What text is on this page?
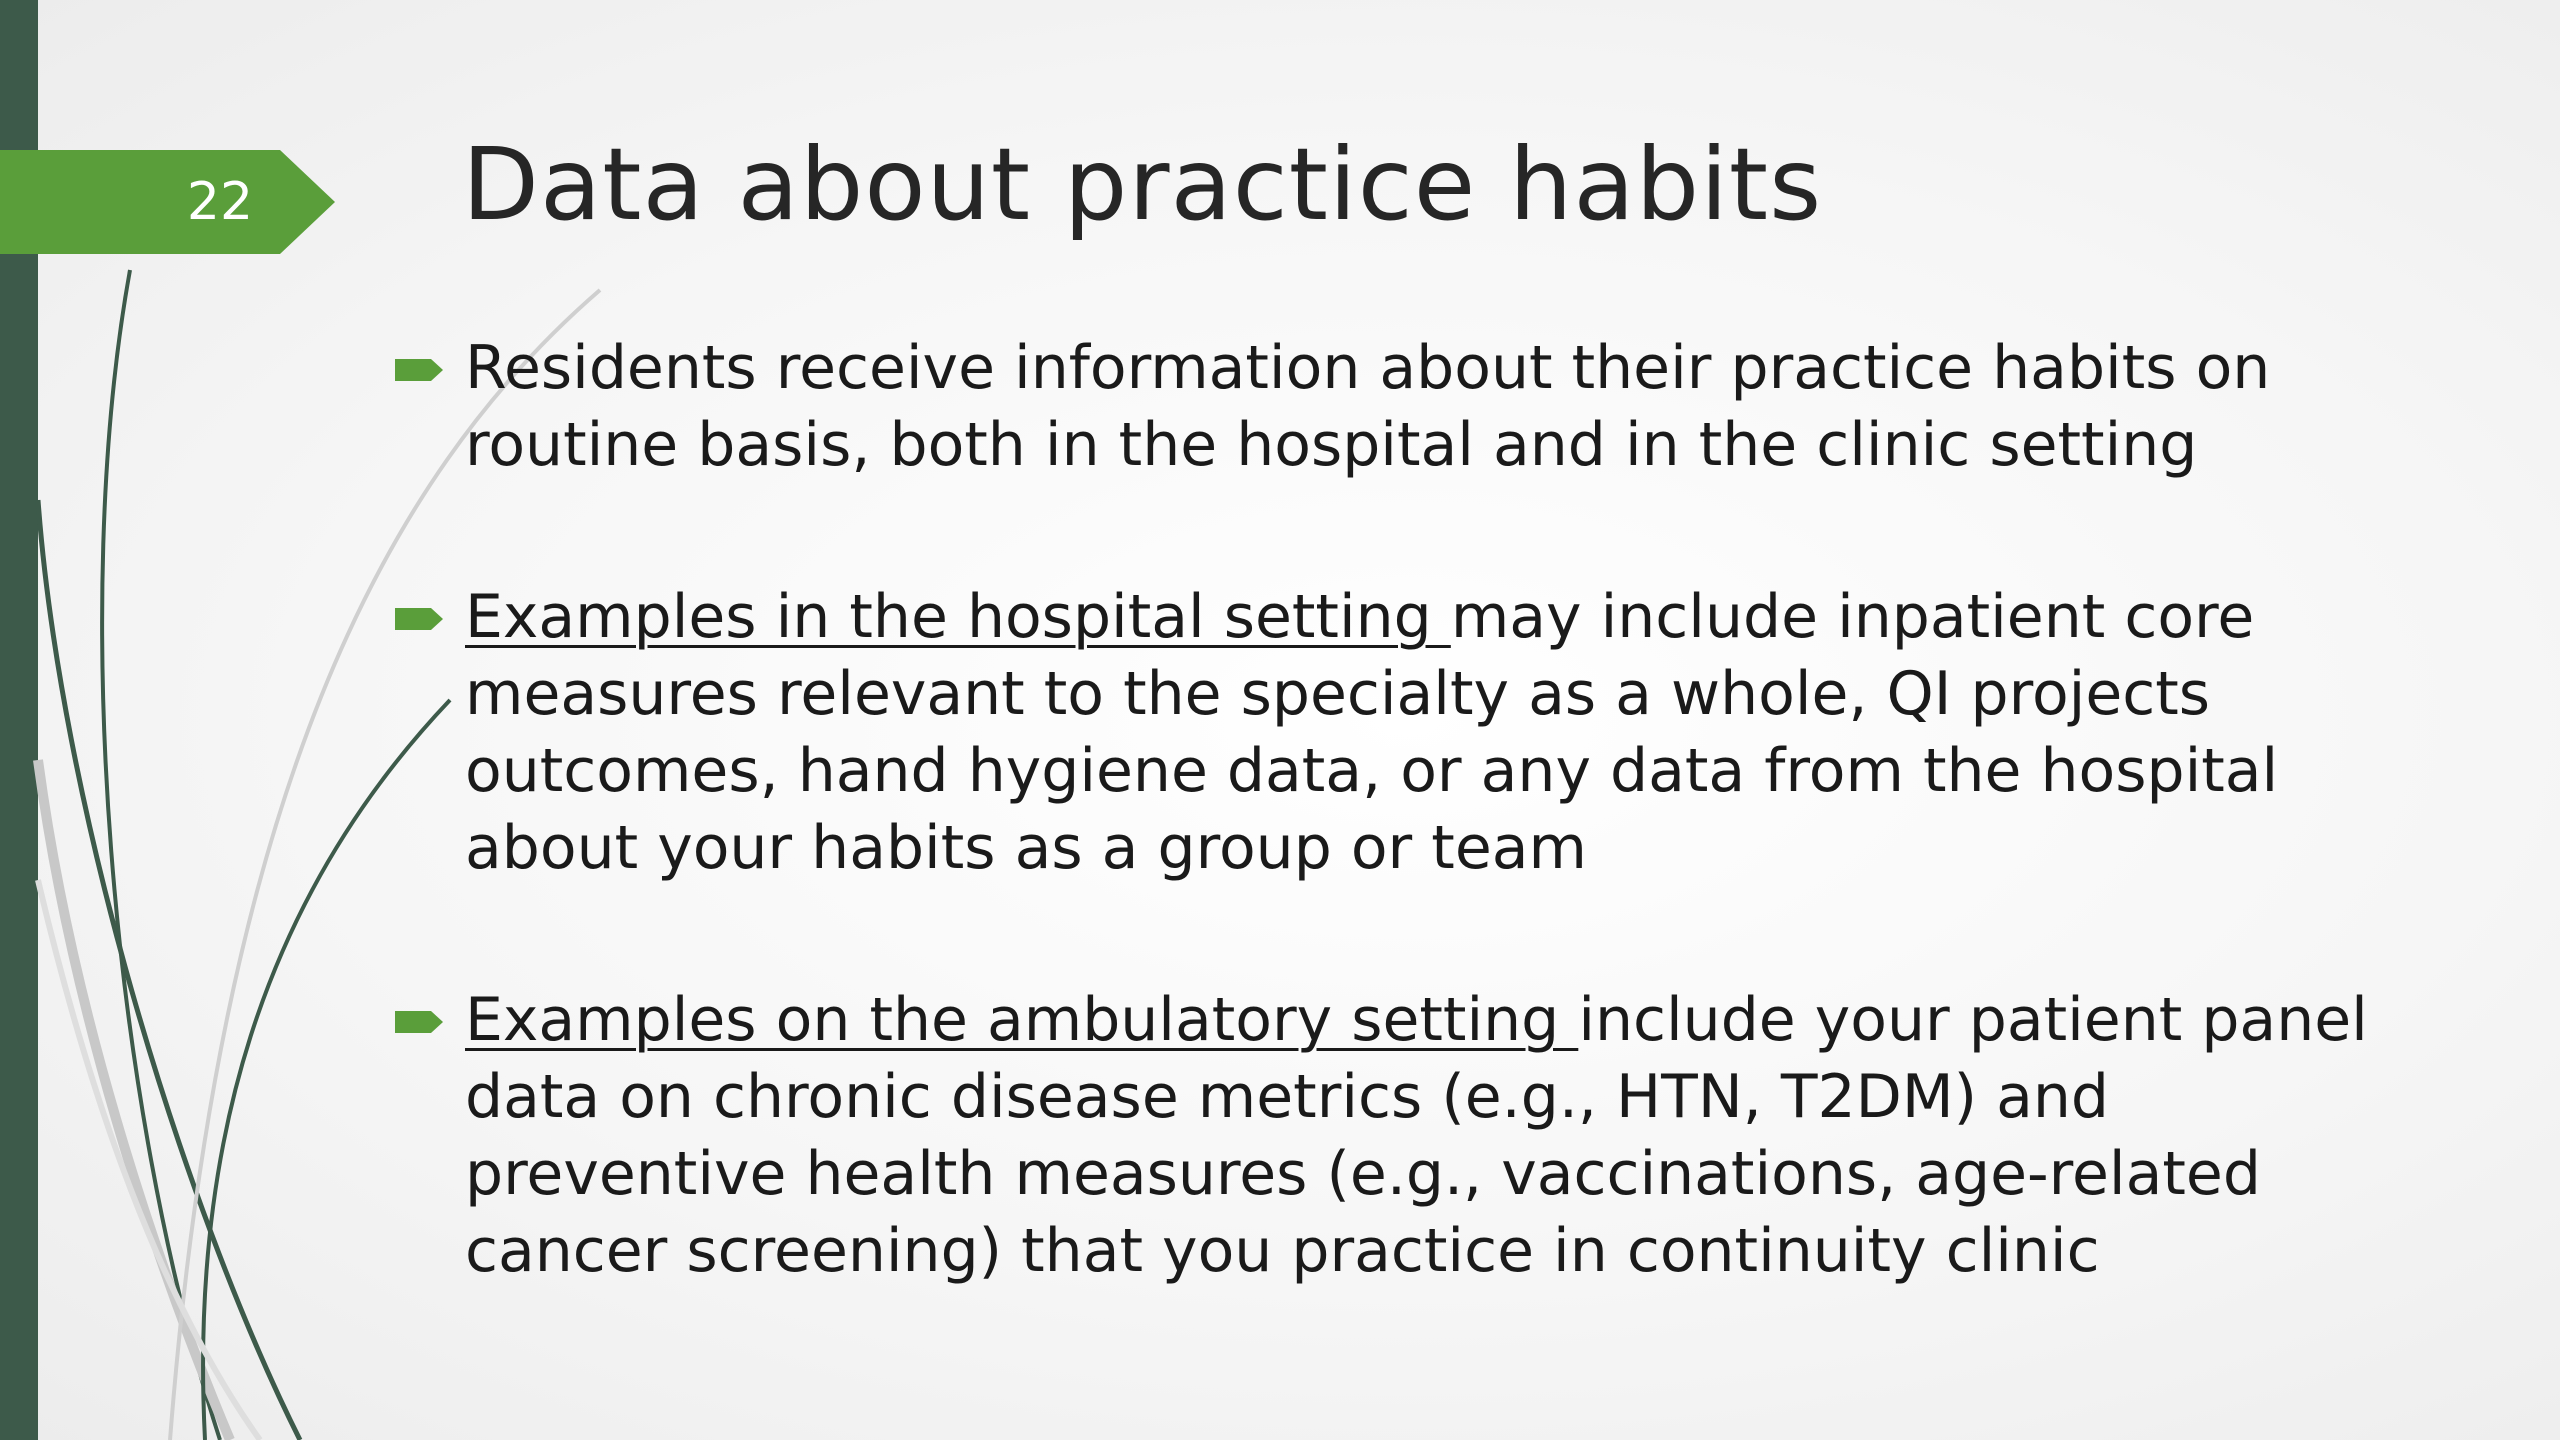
22 Data about practice habits
Residents receive information about their practice habits on routine basis, both in the hospital and in the clinic setting
Examples in the hospital setting may include inpatient core measures relevant to the specialty as a whole, QI projects outcomes, hand hygiene data, or any data from the hospital about your habits as a group or team
Examples on the ambulatory setting include your patient panel data on chronic disease metrics (e.g., HTN, T2DM) and preventive health measures (e.g., vaccinations, age-related cancer screening) that you practice in continuity clinic
